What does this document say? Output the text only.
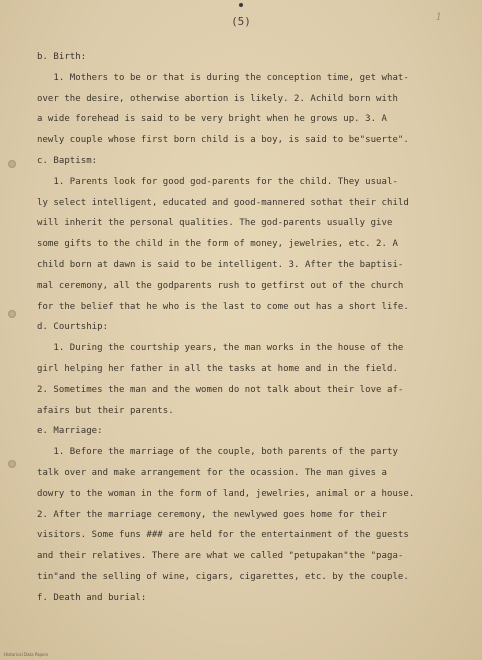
(5)	1

b. Birth:

1. Mothers to be or that is during the conception time, get what-

over the desire, otherwise abortion is likely. 2. Achild born with

a wide forehead is said to be very bright when he grows up. 3. A

newly couple whose first born child is a boy, is said to be"suerte".

c. Baptism:

1. Parents look for good god-parents for the child. They usual-

ly select intelligent, educated and good-mannered sothat their child

will inherit the personal qualities. The god-parents usually give

some gifts to the child in the form of money, jewelries, etc. 2. A

child born at dawn is said to be intelligent. 3. After the baptisi-

mal ceremony, all the godparents rush to getfirst out of the church

for the belief that he who is the last to come out has a short life.

d. Courtship:

1. During the courtship years, the man works in the house of the

girl helping her father in all the tasks at home and in the field.

2. Sometimes the man and the women do not talk about their love af-

afairs but their parents.

e. Marriage:

1. Before the marriage of the couple, both parents of the party

talk over and make arrangement for the ocassion. The man gives a

dowry to the woman in the form of land, jewelries, animal or a house.

2. After the marriage ceremony, the newlywed goes home for their

visitors. Some funs ### are held for the entertainment of the guests

and their relatives. There are what we called "petupakan"the "paga-

tin"and the selling of wine, cigars, cigarettes, etc. by the couple.

f. Death and burial:

Historical Data Papers
